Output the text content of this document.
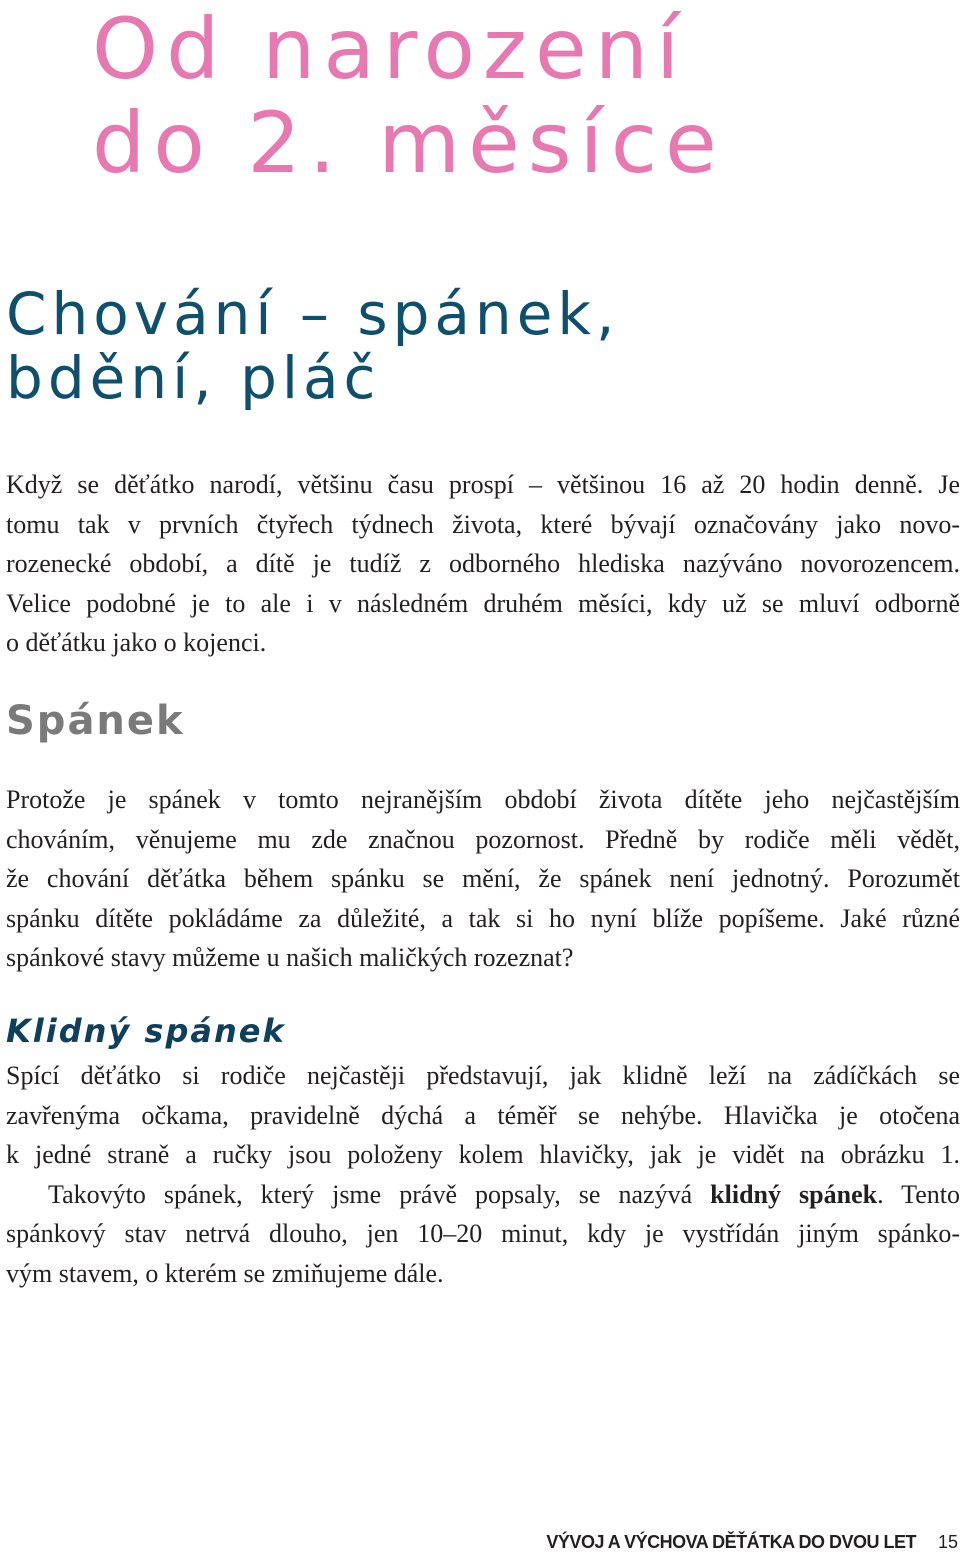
Od narození
do 2. měsíce
Chování – spánek,
bdění, pláč

Když se děťátko narodí, většinu času prospí – většinou 16 až 20 hodin denně. Je
tomu tak v prvních čtyřech týdnech života, které bývají označovány jako novo-
rozenecké období, a dítě je tudíž z odborného hlediska nazýváno novorozencem.
Velice podobné je to ale i v následném druhém měsíci, kdy už se mluví odborně
o děťátku jako o kojenci.

Spánek

Protože je spánek v tomto nejranějším období života dítěte jeho nejčastějším
chováním, věnujeme mu zde značnou pozornost. Předně by rodiče měli vědět,
že chování děťátka během spánku se mění, že spánek není jednotný. Porozumět
spánku dítěte pokládáme za důležité, a tak si ho nyní blíže popíšeme. Jaké různé
spánkové stavy můžeme u našich maličkých rozeznat?

Klidný spánek

Spící děťátko si rodiče nejčastěji představují, jak klidně leží na zádíčkách se
zavřenýma očkama, pravidelně dýchá a téměř se nehýbe. Hlavička je otočena
k jedné straně a ručky jsou položeny kolem hlavičky, jak je vidět na obrázku 1.

Takovýto spánek, který jsme právě popsaly, se nazývá klidný spánek. Tento
spánkový stav netrvá dlouho, jen 10–20 minut, kdy je vystřídán jiným spánko-
vým stavem, o kterém se zmiňujeme dále.

VÝVOJ A VÝCHOVA DĚŤÁTKA DO DVOU LET 15
